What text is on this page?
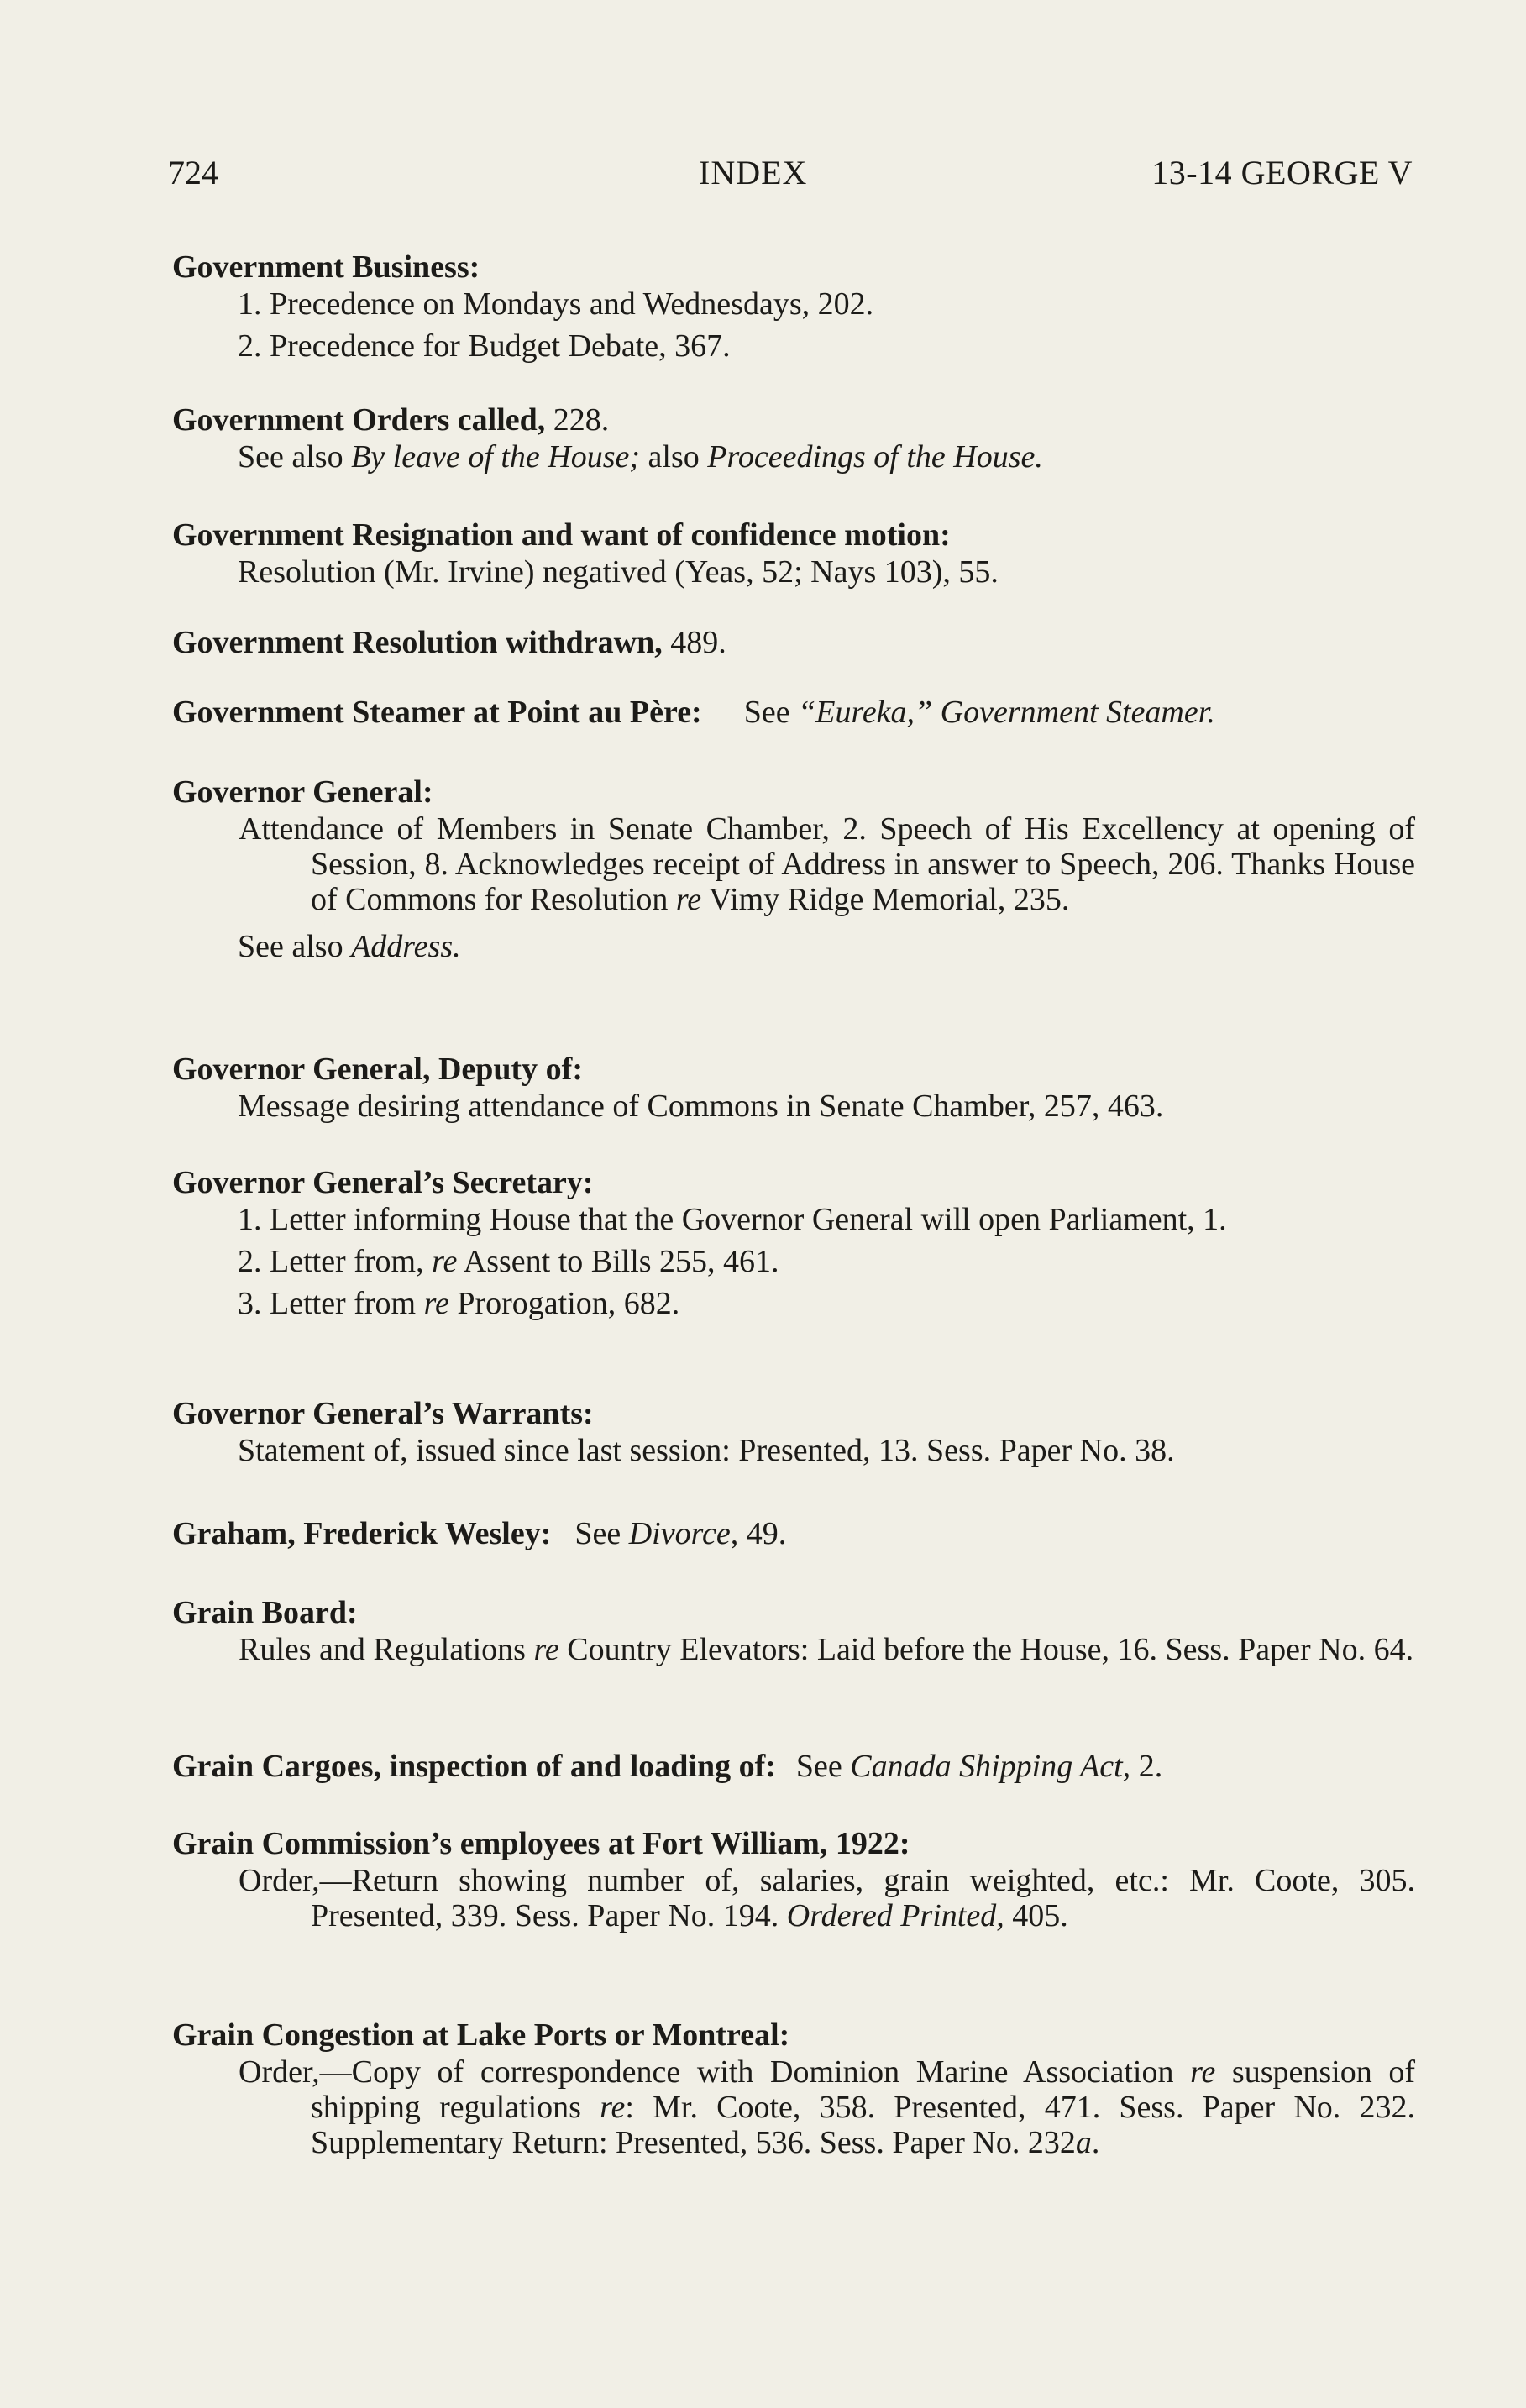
724	INDEX	13-14 GEORGE V
Government Business:
1. Precedence on Mondays and Wednesdays, 202.
2. Precedence for Budget Debate, 367.
Government Orders called, 228.
See also By leave of the House; also Proceedings of the House.
Government Resignation and want of confidence motion:
Resolution (Mr. Irvine) negatived (Yeas, 52; Nays 103), 55.
Government Resolution withdrawn, 489.
Government Steamer at Point au Père: See “Eureka,” Government Steamer.
Governor General:
Attendance of Members in Senate Chamber, 2. Speech of His Excellency at opening of Session, 8. Acknowledges receipt of Address in answer to Speech, 206. Thanks House of Commons for Resolution re Vimy Ridge Memorial, 235.
See also Address.
Governor General, Deputy of:
Message desiring attendance of Commons in Senate Chamber, 257, 463.
Governor General’s Secretary:
1. Letter informing House that the Governor General will open Parliament, 1.
2. Letter from, re Assent to Bills 255, 461.
3. Letter from re Prorogation, 682.
Governor General’s Warrants:
Statement of, issued since last session: Presented, 13. Sess. Paper No. 38.
Graham, Frederick Wesley: See Divorce, 49.
Grain Board:
Rules and Regulations re Country Elevators: Laid before the House, 16. Sess. Paper No. 64.
Grain Cargoes, inspection of and loading of: See Canada Shipping Act, 2.
Grain Commission’s employees at Fort William, 1922:
Order,—Return showing number of, salaries, grain weighted, etc.: Mr. Coote, 305. Presented, 339. Sess. Paper No. 194. Ordered Printed, 405.
Grain Congestion at Lake Ports or Montreal:
Order,—Copy of correspondence with Dominion Marine Association re suspension of shipping regulations re: Mr. Coote, 358. Presented, 471. Sess. Paper No. 232. Supplementary Return: Presented, 536. Sess. Paper No. 232a.
